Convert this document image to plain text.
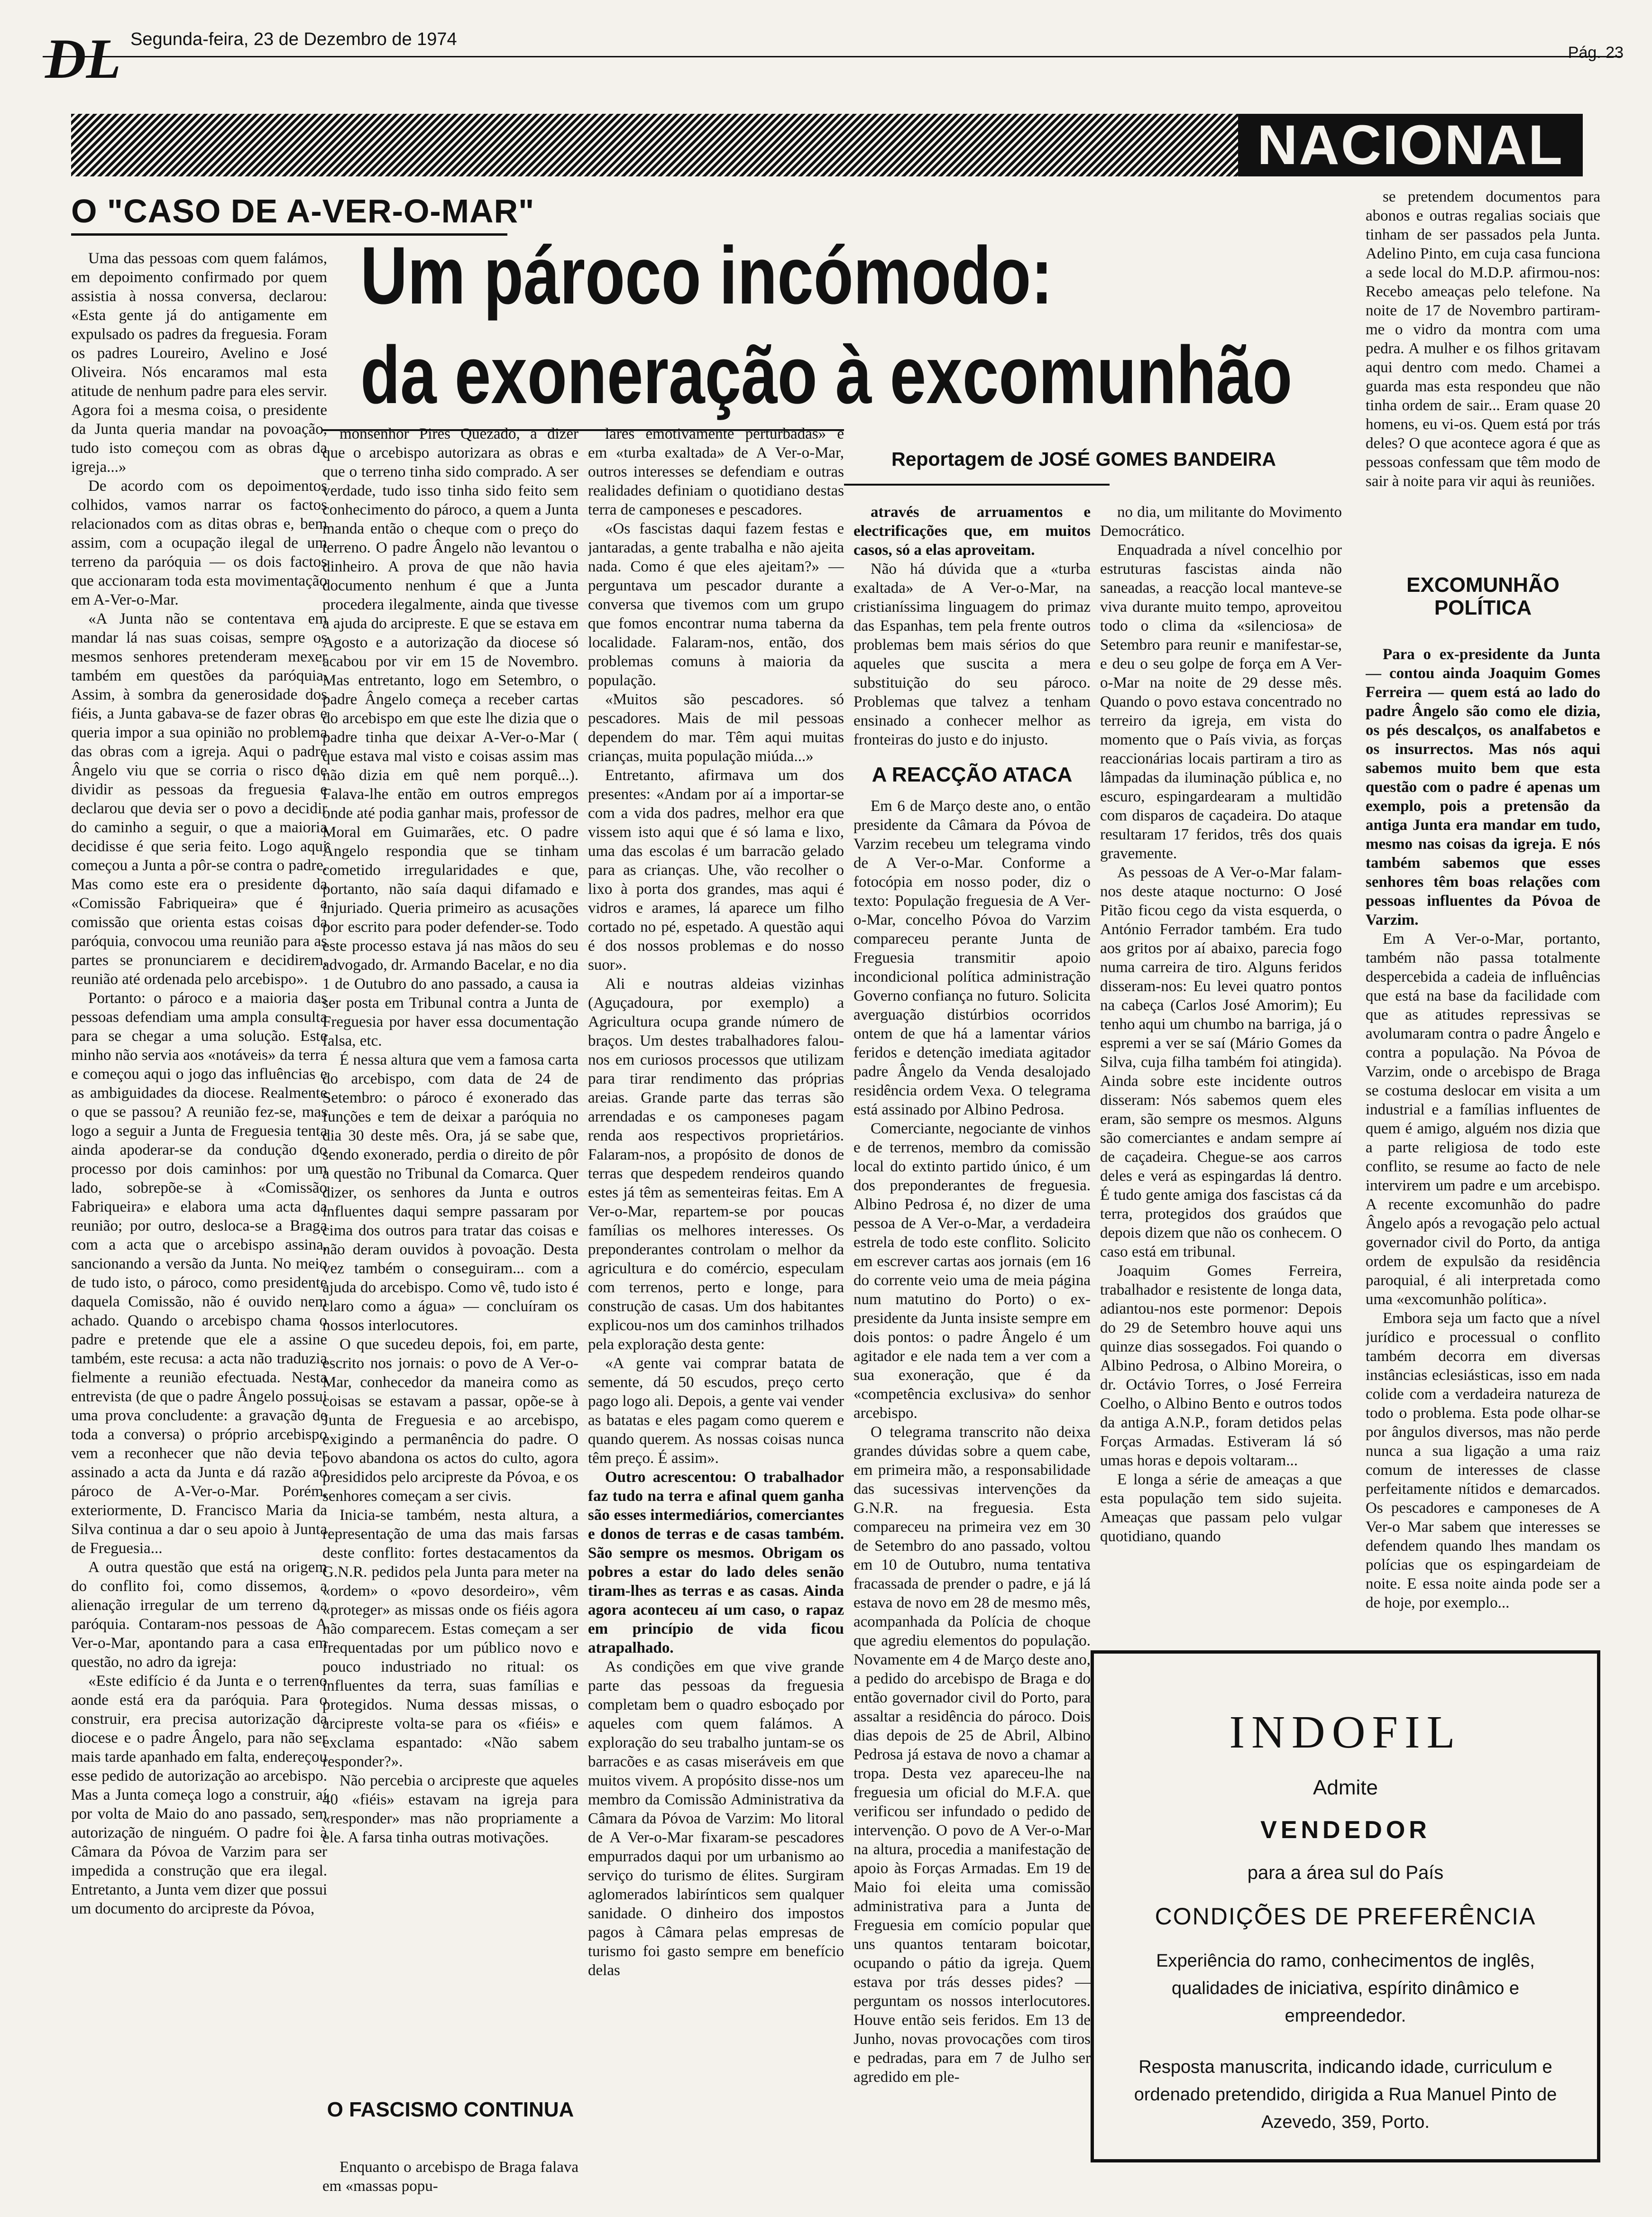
DL Segunda-feira, 23 de Dezembro de 1974
Pág. 23
NACIONAL
O "CASO DE A-VER-O-MAR"
Um pároco incómodo:
da exoneração à excomunhão
Reportagem de JOSÉ GOMES BANDEIRA

Uma das pessoas com quem falámos, em depoimento confirmado por quem assistia à nossa conversa, declarou: «Esta gente já do antigamente em expulsado os padres da freguesia. Foram os padres Loureiro, Avelino e José Oliveira. Nós encaramos mal esta atitude de nenhum padre para eles servir. Agora foi a mesma coisa, o presidente da Junta queria mandar na povoação, tudo isto começou com as obras da igreja...»

De acordo com os depoimentos colhidos, vamos narrar os factos relacionados com as ditas obras e, bem assim, com a ocupação ilegal de um terreno da paróquia — os dois factos que accionaram toda esta movimentação em A-Ver-o-Mar.

«A Junta não se contentava em mandar lá nas suas coisas, sempre os mesmos senhores pretenderam mexer também em questões da paróquia. Assim, à sombra da generosidade dos fiéis, a Junta gabava-se de fazer obras e queria impor a sua opinião no problema das obras com a igreja. Aqui o padre Ângelo viu que se corria o risco de dividir as pessoas da freguesia e declarou que devia ser o povo a decidir do caminho a seguir, o que a maioria decidisse é que seria feito. Logo aqui começou a Junta a pôr-se contra o padre. Mas como este era o presidente da «Comissão Fabriqueira» que é a comissão que orienta estas coisas da paróquia, convocou uma reunião para as partes se pronunciarem e decidirem, reunião até ordenada pelo arcebispo».

Portanto: o pároco e a maioria das pessoas defendiam uma ampla consulta para se chegar a uma solução. Este minho não servia aos «notáveis» da terra e começou aqui o jogo das influências e as ambiguidades da diocese. Realmente o que se passou? A reunião fez-se, mas logo a seguir a Junta de Freguesia tenta ainda apoderar-se da condução do processo por dois caminhos: por um lado, sobrepõe-se à «Comissão Fabriqueira» e elabora uma acta da reunião; por outro, desloca-se a Braga com a acta que o arcebispo assina, sancionando a versão da Junta. No meio de tudo isto, o pároco, como presidente daquela Comissão, não é ouvido nem achado. Quando o arcebispo chama o padre e pretende que ele a assine também, este recusa: a acta não traduzia fielmente a reunião efectuada. Nesta entrevista (de que o padre Ângelo possui uma prova concludente: a gravação de toda a conversa) o próprio arcebispo vem a reconhecer que não devia ter assinado a acta da Junta e dá razão ao pároco de A-Ver-o-Mar. Porém, exteriormente, D. Francisco Maria da Silva continua a dar o seu apoio à Junta de Freguesia...

A outra questão que está na origem do conflito foi, como dissemos, a alienação irregular de um terreno da paróquia. Contaram-nos pessoas de A Ver-o-Mar, apontando para a casa em questão, no adro da igreja:

«Este edifício é da Junta e o terreno aonde está era da paróquia. Para o construir, era precisa autorização da diocese e o padre Ângelo, para não ser mais tarde apanhado em falta, endereçou esse pedido de autorização ao arcebispo. Mas a Junta começa logo a construir, aí por volta de Maio do ano passado, sem autorização de ninguém. O padre foi à Câmara da Póvoa de Varzim para ser impedida a construção que era ilegal. Entretanto, a Junta vem dizer que possui um documento do arcipreste da Póvoa,

monsenhor Pires Quezado, a dizer que o arcebispo autorizara as obras e que o terreno tinha sido comprado. A ser verdade, tudo isso tinha sido feito sem conhecimento do pároco, a quem a Junta manda então o cheque com o preço do terreno. O padre Ângelo não levantou o dinheiro. A prova de que não havia documento nenhum é que a Junta procedera ilegalmente, ainda que tivesse a ajuda do arcipreste. E que se estava em Agosto e a autorização da diocese só acabou por vir em 15 de Novembro. Mas entretanto, logo em Setembro, o padre Ângelo começa a receber cartas do arcebispo em que este lhe dizia que o padre tinha que deixar A-Ver-o-Mar ( que estava mal visto e coisas assim mas não dizia em quê nem porquê...). Falava-lhe então em outros empregos onde até podia ganhar mais, professor de Moral em Guimarães, etc. O padre Ângelo respondia que se tinham cometido irregularidades e que, portanto, não saía daqui difamado e injuriado. Queria primeiro as acusações por escrito para poder defender-se. Todo este processo estava já nas mãos do seu advogado, dr. Armando Bacelar, e no dia 1 de Outubro do ano passado, a causa ia ser posta em Tribunal contra a Junta de Freguesia por haver essa documentação falsa, etc.

É nessa altura que vem a famosa carta do arcebispo, com data de 24 de Setembro: o pároco é exonerado das funções e tem de deixar a paróquia no dia 30 deste mês. Ora, já se sabe que, sendo exonerado, perdia o direito de pôr a questão no Tribunal da Comarca. Quer dizer, os senhores da Junta e outros influentes daqui sempre passaram por cima dos outros para tratar das coisas e não deram ouvidos à povoação. Desta vez também o conseguiram... com a ajuda do arcebispo. Como vê, tudo isto é claro como a água» — concluíram os nossos interlocutores.

O que sucedeu depois, foi, em parte, escrito nos jornais: o povo de A Ver-o-Mar, conhecedor da maneira como as coisas se estavam a passar, opõe-se à Junta de Freguesia e ao arcebispo, exigindo a permanência do padre. O povo abandona os actos do culto, agora presididos pelo arcipreste da Póvoa, e os senhores começam a ser civis.

Inicia-se também, nesta altura, a representação de uma das mais farsas deste conflito: fortes destacamentos da G.N.R. pedidos pela Junta para meter na «ordem» o «povo desordeiro», vêm «proteger» as missas onde os fiéis agora não comparecem. Estas começam a ser frequentadas por um público novo e pouco industriado no ritual: os influentes da terra, suas famílias e protegidos. Numa dessas missas, o arcipreste volta-se para os «fiéis» e exclama espantado: «Não sabem responder?».

Não percebia o arcipreste que aqueles 40 «fiéis» estavam na igreja para «responder» mas não propriamente a ele. A farsa tinha outras motivações.

O FASCISMO CONTINUA

Enquanto o arcebispo de Braga falava em «massas popu-

lares emotivamente perturbadas» e em «turba exaltada» de A Ver-o-Mar, outros interesses se defendiam e outras realidades definiam o quotidiano destas terra de camponeses e pescadores.

«Os fascistas daqui fazem festas e jantaradas, a gente trabalha e não ajeita nada. Como é que eles ajeitam?» — perguntava um pescador durante a conversa que tivemos com um grupo que fomos encontrar numa taberna da localidade. Falaram-nos, então, dos problemas comuns à maioria da população.

«Muitos são pescadores. só pescadores. Mais de mil pessoas dependem do mar. Têm aqui muitas crianças, muita população miúda...»

Entretanto, afirmava um dos presentes: «Andam por aí a importar-se com a vida dos padres, melhor era que vissem isto aqui que é só lama e lixo, uma das escolas é um barracão gelado para as crianças. Uhe, vão recolher o lixo à porta dos grandes, mas aqui é vidros e arames, lá aparece um filho cortado no pé, espetado. A questão aqui é dos nossos problemas e do nosso suor».

Ali e noutras aldeias vizinhas (Aguçadoura, por exemplo) a Agricultura ocupa grande número de braços. Um destes trabalhadores falou-nos em curiosos processos que utilizam para tirar rendimento das próprias areias. Grande parte das terras são arrendadas e os camponeses pagam renda aos respectivos proprietários. Falaram-nos, a propósito de donos de terras que despedem rendeiros quando estes já têm as sementeiras feitas. Em A Ver-o-Mar, repartem-se por poucas famílias os melhores interesses. Os preponderantes controlam o melhor da agricultura e do comércio, especulam com terrenos, perto e longe, para construção de casas. Um dos habitantes explicou-nos um dos caminhos trilhados pela exploração desta gente:

«A gente vai comprar batata de semente, dá 50 escudos, preço certo pago logo ali. Depois, a gente vai vender as batatas e eles pagam como querem e quando querem. As nossas coisas nunca têm preço. É assim».

Outro acrescentou: O trabalhador faz tudo na terra e afinal quem ganha são esses intermediários, comerciantes e donos de terras e de casas também. São sempre os mesmos. Obrigam os pobres a estar do lado deles senão tiram-lhes as terras e as casas. Ainda agora aconteceu aí um caso, o rapaz em princípio de vida ficou atrapalhado.

As condições em que vive grande parte das pessoas da freguesia completam bem o quadro esboçado por aqueles com quem falámos. A exploração do seu trabalho juntam-se os barracões e as casas miseráveis em que muitos vivem. A propósito disse-nos um membro da Comissão Administrativa da Câmara da Póvoa de Varzim: Mo litoral de A Ver-o-Mar fixaram-se pescadores empurrados daqui por um urbanismo ao serviço do turismo de élites. Surgiram aglomerados labirínticos sem qualquer sanidade. O dinheiro dos impostos pagos à Câmara pelas empresas de turismo foi gasto sempre em benefício delas

através de arruamentos e electrificações que, em muitos casos, só a elas aproveitam.

Não há dúvida que a «turba exaltada» de A Ver-o-Mar, na cristianíssima linguagem do primaz das Espanhas, tem pela frente outros problemas bem mais sérios do que aqueles que suscita a mera substituição do seu pároco. Problemas que talvez a tenham ensinado a conhecer melhor as fronteiras do justo e do injusto.

A REACÇÃO ATACA

Em 6 de Março deste ano, o então presidente da Câmara da Póvoa de Varzim recebeu um telegrama vindo de A Ver-o-Mar. Conforme a fotocópia em nosso poder, diz o texto: População freguesia de A Ver-o-Mar, concelho Póvoa do Varzim compareceu perante Junta de Freguesia transmitir apoio incondicional política administração Governo confiança no futuro. Solicita averguação distúrbios ocorridos ontem de que há a lamentar vários feridos e detenção imediata agitador padre Ângelo da Venda desalojado residência ordem Vexa. O telegrama está assinado por Albino Pedrosa.

Comerciante, negociante de vinhos e de terrenos, membro da comissão local do extinto partido único, é um dos preponderantes de freguesia. Albino Pedrosa é, no dizer de uma pessoa de A Ver-o-Mar, a verdadeira estrela de todo este conflito. Solicito em escrever cartas aos jornais (em 16 do corrente veio uma de meia página num matutino do Porto) o ex-presidente da Junta insiste sempre em dois pontos: o padre Ângelo é um agitador e ele nada tem a ver com a sua exoneração, que é da «competência exclusiva» do senhor arcebispo.

O telegrama transcrito não deixa grandes dúvidas sobre a quem cabe, em primeira mão, a responsabilidade das sucessivas intervenções da G.N.R. na freguesia. Esta compareceu na primeira vez em 30 de Setembro do ano passado, voltou em 10 de Outubro, numa tentativa fracassada de prender o padre, e já lá estava de novo em 28 de mesmo mês, acompanhada da Polícia de choque que agrediu elementos do população. Novamente em 4 de Março deste ano, a pedido do arcebispo de Braga e do então governador civil do Porto, para assaltar a residência do pároco. Dois dias depois de 25 de Abril, Albino Pedrosa já estava de novo a chamar a tropa. Desta vez apareceu-lhe na freguesia um oficial do M.F.A. que verificou ser infundado o pedido de intervenção. O povo de A Ver-o-Mar na altura, procedia a manifestação de apoio às Forças Armadas. Em 19 de Maio foi eleita uma comissão administrativa para a Junta de Freguesia em comício popular que uns quantos tentaram boicotar, ocupando o pátio da igreja. Quem estava por trás desses pides? — perguntam os nossos interlocutores. Houve então seis feridos. Em 13 de Junho, novas provocações com tiros e pedradas, para em 7 de Julho ser agredido em ple-

no dia, um militante do Movimento Democrático.

Enquadrada a nível concelhio por estruturas fascistas ainda não saneadas, a reacção local manteve-se viva durante muito tempo, aproveitou todo o clima da «silenciosa» de Setembro para reunir e manifestar-se, e deu o seu golpe de força em A Ver-o-Mar na noite de 29 desse mês. Quando o povo estava concentrado no terreiro da igreja, em vista do momento que o País vivia, as forças reaccionárias locais partiram a tiro as lâmpadas da iluminação pública e, no escuro, espingardearam a multidão com disparos de caçadeira. Do ataque resultaram 17 feridos, três dos quais gravemente.

As pessoas de A Ver-o-Mar falam-nos deste ataque nocturno: O José Pitão ficou cego da vista esquerda, o António Ferrador também. Era tudo aos gritos por aí abaixo, parecia fogo numa carreira de tiro. Alguns feridos disseram-nos: Eu levei quatro pontos na cabeça (Carlos José Amorim); Eu tenho aqui um chumbo na barriga, já o espremi a ver se saí (Mário Gomes da Silva, cuja filha também foi atingida). Ainda sobre este incidente outros disseram: Nós sabemos quem eles eram, são sempre os mesmos. Alguns são comerciantes e andam sempre aí de caçadeira. Chegue-se aos carros deles e verá as espingardas lá dentro. É tudo gente amiga dos fascistas cá da terra, protegidos dos graúdos que depois dizem que não os conhecem. O caso está em tribunal.

Joaquim Gomes Ferreira, trabalhador e resistente de longa data, adiantou-nos este pormenor: Depois do 29 de Setembro houve aqui uns quinze dias sossegados. Foi quando o Albino Pedrosa, o Albino Moreira, o dr. Octávio Torres, o José Ferreira Coelho, o Albino Bento e outros todos da antiga A.N.P., foram detidos pelas Forças Armadas. Estiveram lá só umas horas e depois voltaram...

E longa a série de ameaças a que esta população tem sido sujeita. Ameaças que passam pelo vulgar quotidiano, quando

se pretendem documentos para abonos e outras regalias sociais que tinham de ser passados pela Junta. Adelino Pinto, em cuja casa funciona a sede local do M.D.P. afirmou-nos: Recebo ameaças pelo telefone. Na noite de 17 de Novembro partiram-me o vidro da montra com uma pedra. A mulher e os filhos gritavam aqui dentro com medo. Chamei a guarda mas esta respondeu que não tinha ordem de sair... Eram quase 20 homens, eu vi-os. Quem está por trás deles? O que acontece agora é que as pessoas confessam que têm modo de sair à noite para vir aqui às reuniões.

EXCOMUNHÃO POLÍTICA

Para o ex-presidente da Junta — contou ainda Joaquim Gomes Ferreira — quem está ao lado do padre Ângelo são como ele dizia, os pés descalços, os analfabetos e os insurrectos. Mas nós aqui sabemos muito bem que esta questão com o padre é apenas um exemplo, pois a pretensão da antiga Junta era mandar em tudo, mesmo nas coisas da igreja. E nós também sabemos que esses senhores têm boas relações com pessoas influentes da Póvoa de Varzim.

Em A Ver-o-Mar, portanto, também não passa totalmente despercebida a cadeia de influências que está na base da facilidade com que as atitudes repressivas se avolumaram contra o padre Ângelo e contra a população. Na Póvoa de Varzim, onde o arcebispo de Braga se costuma deslocar em visita a um industrial e a famílias influentes de quem é amigo, alguém nos dizia que a parte religiosa de todo este conflito, se resume ao facto de nele intervirem um padre e um arcebispo. A recente excomunhão do padre Ângelo após a revogação pelo actual governador civil do Porto, da antiga ordem de expulsão da residência paroquial, é ali interpretada como uma «excomunhão política».

Embora seja um facto que a nível jurídico e processual o conflito também decorra em diversas instâncias eclesiásticas, isso em nada colide com a verdadeira natureza de todo o problema. Esta pode olhar-se por ângulos diversos, mas não perde nunca a sua ligação a uma raiz comum de interesses de classe perfeitamente nítidos e demarcados. Os pescadores e camponeses de A Ver-o Mar sabem que interesses se defendem quando lhes mandam os polícias que os espingardeiam de noite. E essa noite ainda pode ser a de hoje, por exemplo...

INDOFIL
Admite
VENDEDOR
para a área sul do País
CONDIÇÕES DE PREFERÊNCIA
Experiência do ramo, conhecimentos de inglês, qualidades de iniciativa, espírito dinâmico e empreendedor.
Resposta manuscrita, indicando idade, curriculum e ordenado pretendido, dirigida a Rua Manuel Pinto de Azevedo, 359, Porto.
